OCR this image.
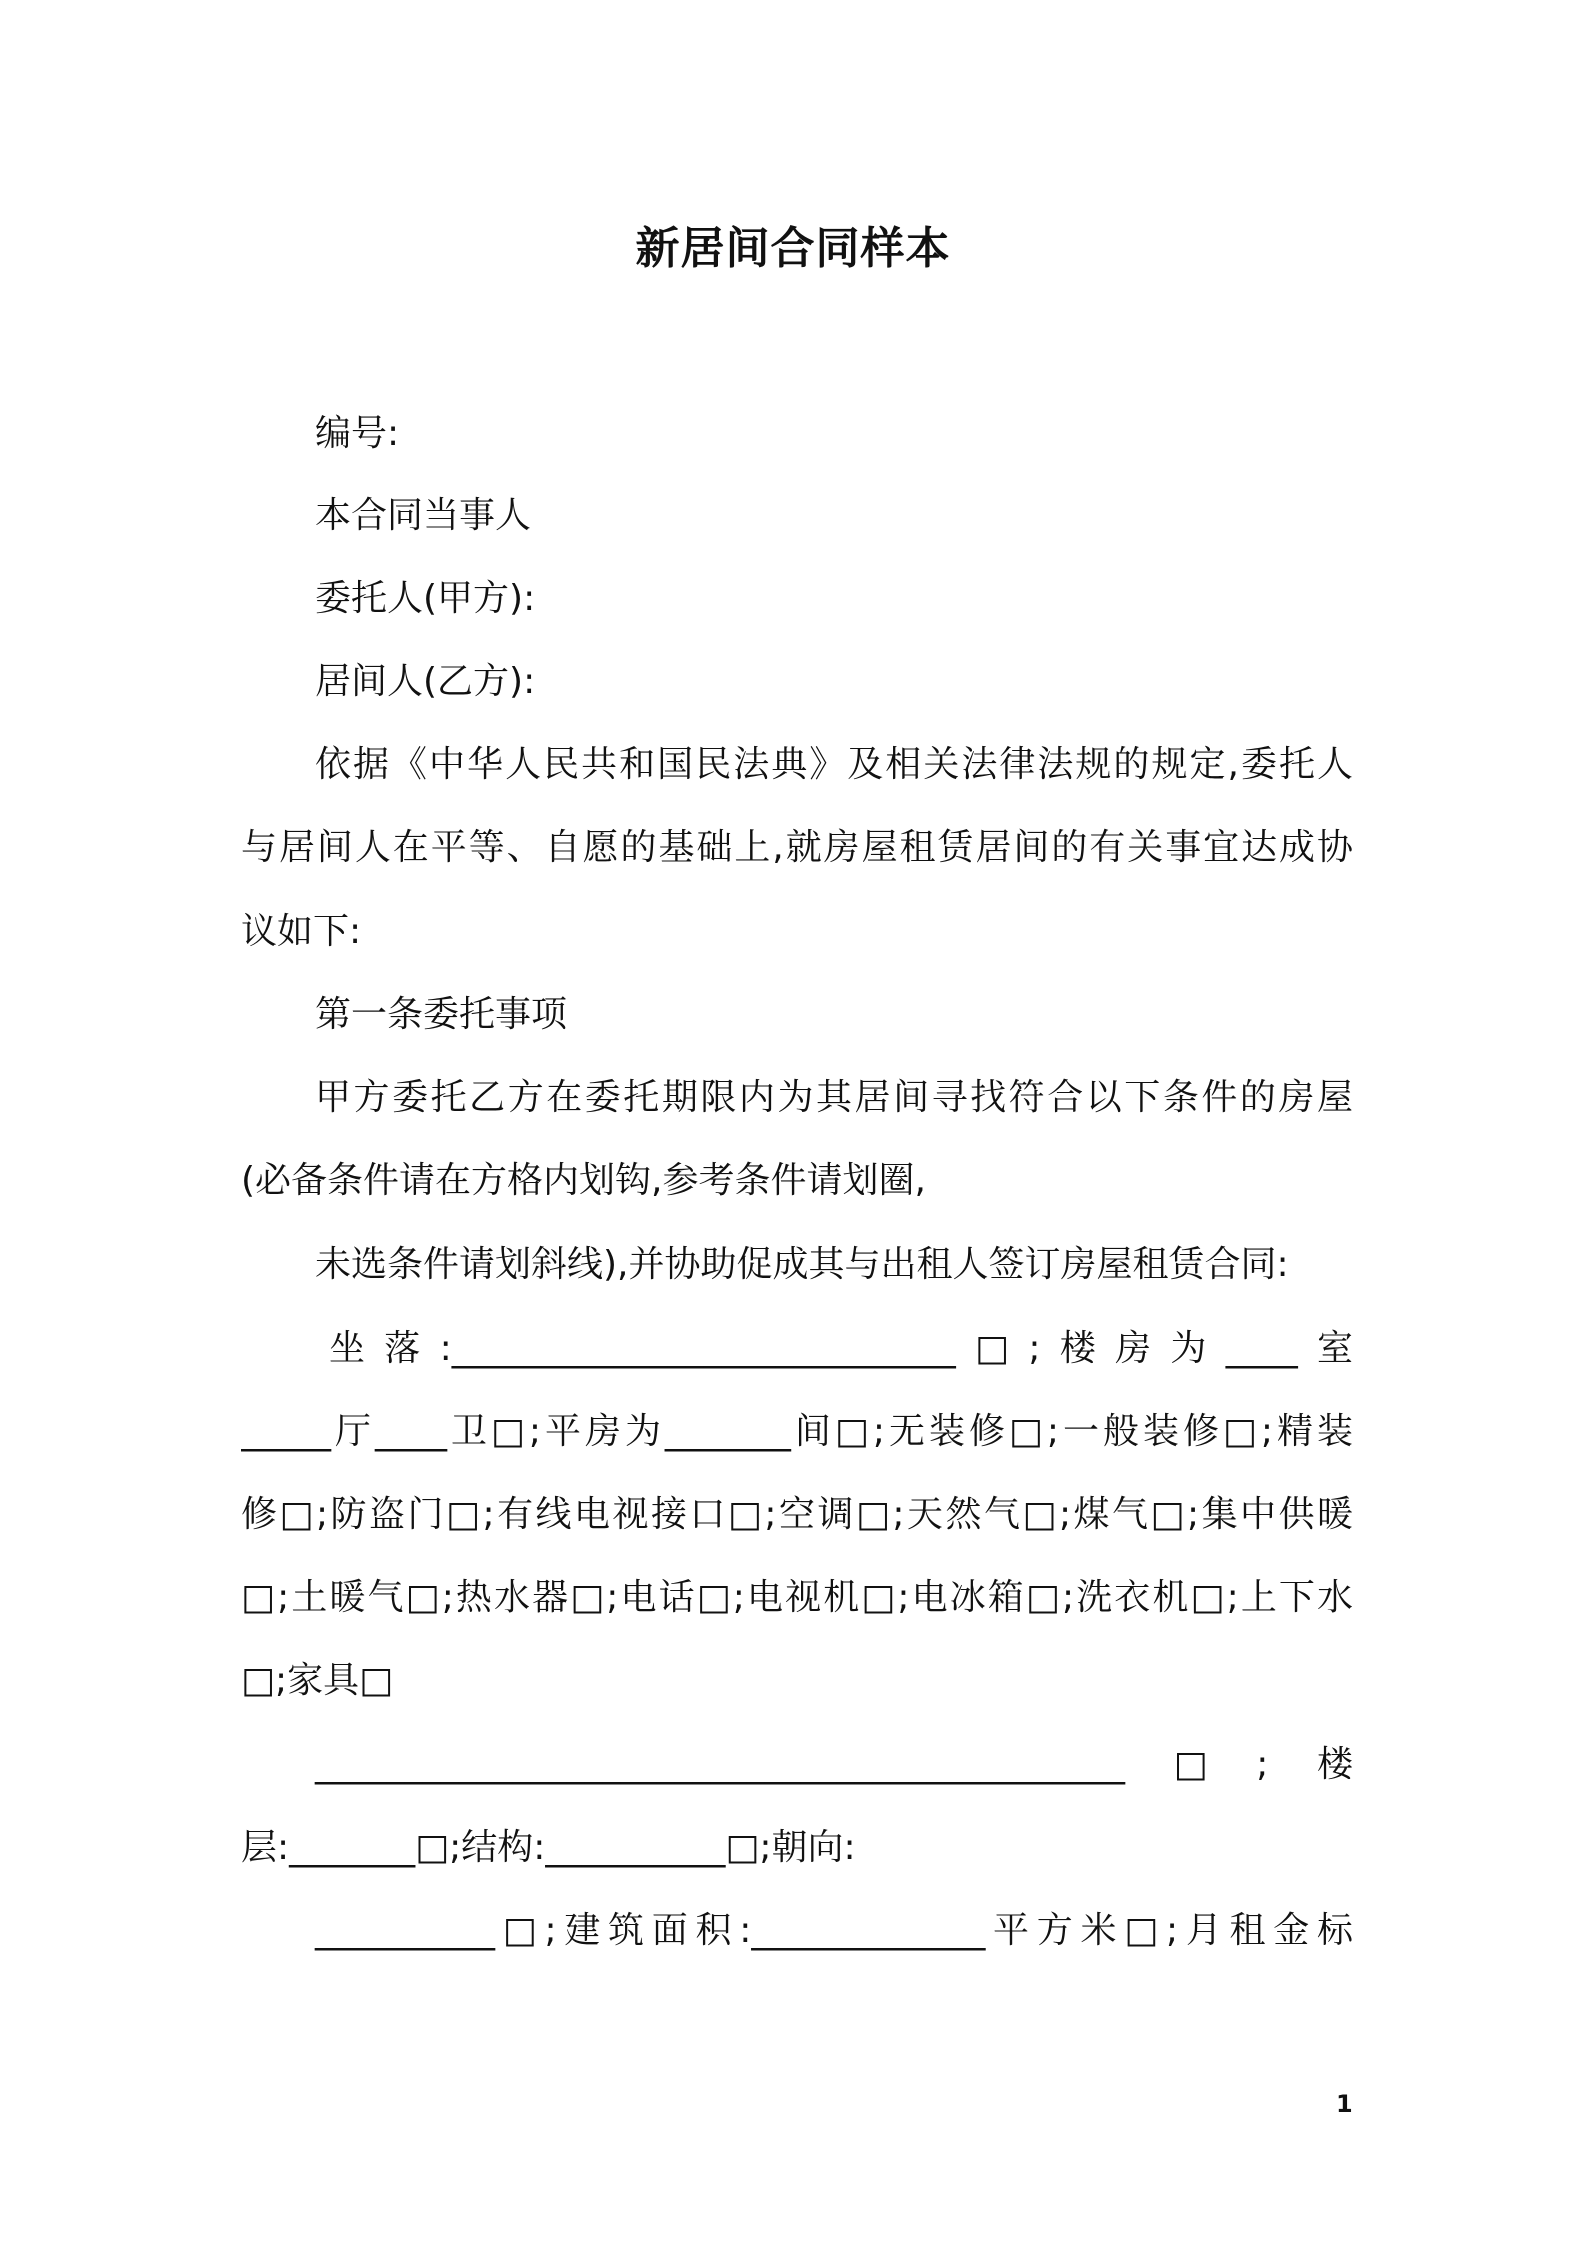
新居间合同样本
编号:
本合同当事人
委托人(甲方):
居间人(乙方):
依据《中华人民共和国民法典》及相关法律法规的规定,委托人
与居间人在平等、自愿的基础上,就房屋租赁居间的有关事宜达成协
议如下:
第一条委托事项
甲方委托乙方在委托期限内为其居间寻找符合以下条件的房屋
(必备条件请在方格内划钩,参考条件请划圈,
未选条件请划斜线),并协助促成其与出租人签订房屋租赁合同:
坐落:____________________________□;楼房为____室
_____厅____卫□;平房为_______间□;无装修□;一般装修□;精装
修□;防盗门□;有线电视接口□;空调□;天然气□;煤气□;集中供暖
□;土暖气□;热水器□;电话□;电视机□;电冰箱□;洗衣机□;上下水
□;家具□
_____________________________________________□;楼
层:_______□;结构:__________□;朝向:
__________□;建筑面积:_____________平方米□;月租金标
1
